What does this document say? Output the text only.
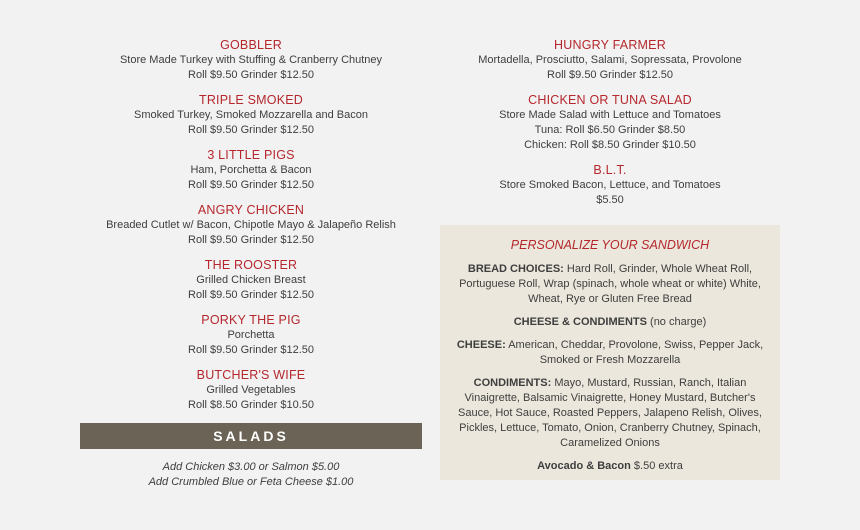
GOBBLER
Store Made Turkey with Stuffing & Cranberry Chutney
Roll $9.50 Grinder $12.50
TRIPLE SMOKED
Smoked Turkey, Smoked Mozzarella and Bacon
Roll $9.50 Grinder $12.50
3 LITTLE PIGS
Ham, Porchetta & Bacon
Roll $9.50 Grinder $12.50
ANGRY CHICKEN
Breaded Cutlet w/ Bacon, Chipotle Mayo & Jalapeño Relish
Roll $9.50 Grinder $12.50
THE ROOSTER
Grilled Chicken Breast
Roll $9.50 Grinder $12.50
PORKY THE PIG
Porchetta
Roll $9.50 Grinder $12.50
BUTCHER'S WIFE
Grilled Vegetables
Roll $8.50 Grinder $10.50
HUNGRY FARMER
Mortadella, Prosciutto, Salami, Sopressata, Provolone
Roll $9.50 Grinder $12.50
CHICKEN OR TUNA SALAD
Store Made Salad with Lettuce and Tomatoes
Tuna: Roll $6.50 Grinder $8.50
Chicken: Roll $8.50 Grinder $10.50
B.L.T.
Store Smoked Bacon, Lettuce, and Tomatoes
$5.50
SALADS
Add Chicken $3.00 or Salmon $5.00
Add Crumbled Blue or Feta Cheese $1.00
PERSONALIZE YOUR SANDWICH
BREAD CHOICES: Hard Roll, Grinder, Whole Wheat Roll, Portuguese Roll, Wrap (spinach, whole wheat or white) White, Wheat, Rye or Gluten Free Bread
CHEESE & CONDIMENTS (no charge)
CHEESE: American, Cheddar, Provolone, Swiss, Pepper Jack, Smoked or Fresh Mozzarella
CONDIMENTS: Mayo, Mustard, Russian, Ranch, Italian Vinaigrette, Balsamic Vinaigrette, Honey Mustard, Butcher's Sauce, Hot Sauce, Roasted Peppers, Jalapeno Relish, Olives, Pickles, Lettuce, Tomato, Onion, Cranberry Chutney, Spinach, Caramelized Onions
Avocado & Bacon $.50 extra
